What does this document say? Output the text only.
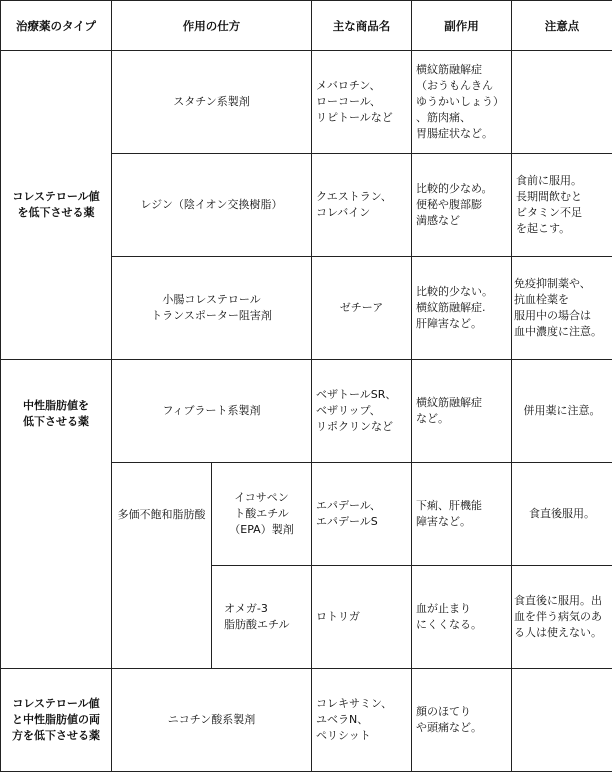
治療薬のタイプ	作用の仕方		主な商品名	副作用	注意点
コレステロール値
を低下させる薬	スタチン系製剤		メバロチン、
ローコール、
リピトールなど	横紋筋融解症
（おうもんきん
ゆうかいしょう）
、筋肉痛、
胃腸症状など。	
	レジン（陰イオン交換樹脂）		クエストラン、
コレバイン	比較的少なめ。
便秘や腹部膨
満感など	食前に服用。
長期間飲むと
ビタミン不足
を起こす。
	小腸コレステロール
トランスポーター阻害剤		ゼチーア	比較的少ない。
横紋筋融解症.
肝障害など。	免疫抑制薬や、
抗血栓薬を
服用中の場合は
血中濃度に注意。
中性脂肪値を
低下させる薬	フィブラート系製剤		ベザトールSR、
ベザリップ、
リポクリンなど	横紋筋融解症
など。	併用薬に注意。
	多価不飽和脂肪酸	イコサペン
ト酸エチル
（EPA）製剤	エパデール、
エパデールS	下痢、肝機能
障害など。	食直後服用。
		オメガ-3
脂肪酸エチル	ロトリガ	血が止まり
にくくなる。	食直後に服用。出
血を伴う病気のあ
る人は使えない。
コレステロール値
と中性脂肪値の両
方を低下させる薬	ニコチン酸系製剤		コレキサミン、
ユベラN、
ペリシット	顔のほてり
や頭痛など。	
